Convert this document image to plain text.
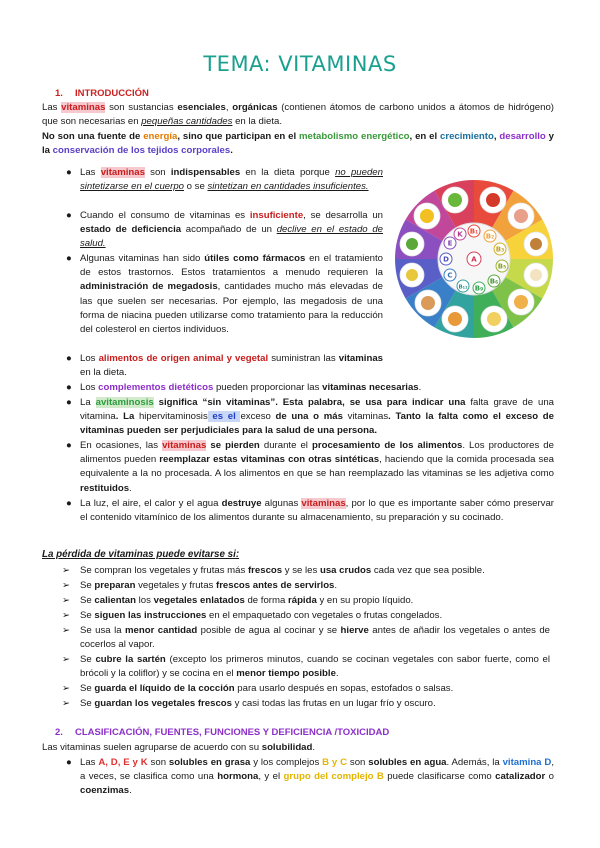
TEMA: VITAMINAS
1. INTRODUCCIÓN
Las vitaminas son sustancias esenciales, orgánicas (contienen átomos de carbono unidos a átomos de hidrógeno) que son necesarias en pequeñas cantidades en la dieta.
No son una fuente de energía, sino que participan en el metabolismo energético, en el crecimiento, desarrollo y la conservación de los tejidos corporales.
B₁
B₂
B₃
B₅
B₆
B₉
B₁₂
C
D
E
K
A
● Las vitaminas son indispensables en la dieta porque no pueden sintetizarse en el cuerpo o se sintetizan en cantidades insuficientes.
● Cuando el consumo de vitaminas es insuficiente, se desarrolla un estado de deficiencia acompañado de un declive en el estado de salud.
● Algunas vitaminas han sido útiles como fármacos en el tratamiento de estos trastornos. Estos tratamientos a menudo requieren la administración de megadosis, cantidades mucho más elevadas de las que suelen ser necesarias. Por ejemplo, las megadosis de una forma de niacina pueden utilizarse como tratamiento para la reducción del colesterol en ciertos individuos.
● Los alimentos de origen animal y vegetal suministran las vitaminas en la dieta.
● Los complementos dietéticos pueden proporcionar las vitaminas necesarias.
● La avitaminosis significa “sin vitaminas”. Esta palabra, se usa para indicar una falta grave de una vitamina. La hipervitaminosis es el exceso de una o más vitaminas. Tanto la falta como el exceso de vitaminas pueden ser perjudiciales para la salud de una persona.
● En ocasiones, las vitaminas se pierden durante el procesamiento de los alimentos. Los productores de alimentos pueden reemplazar estas vitaminas con otras sintéticas, haciendo que la comida procesada sea equivalente a la no procesada. A los alimentos en que se han reemplazado las vitaminas se les adjetiva como restituidos.
● La luz, el aire, el calor y el agua destruye algunas vitaminas, por lo que es importante saber cómo preservar el contenido vitamínico de los alimentos durante su almacenamiento, su preparación y su cocinado.
La pérdida de vitaminas puede evitarse si:
➢ Se compran los vegetales y frutas más frescos y se les usa crudos cada vez que sea posible.
➢ Se preparan vegetales y frutas frescos antes de servirlos.
➢ Se calientan los vegetales enlatados de forma rápida y en su propio líquido.
➢ Se siguen las instrucciones en el empaquetado con vegetales o frutas congelados.
➢ Se usa la menor cantidad posible de agua al cocinar y se hierve antes de añadir los vegetales o antes de cocerlos al vapor.
➢ Se cubre la sartén (excepto los primeros minutos, cuando se cocinan vegetales con sabor fuerte, como el brócoli y la coliflor) y se cocina en el menor tiempo posible.
➢ Se guarda el líquido de la cocción para usarlo después en sopas, estofados o salsas.
➢ Se guardan los vegetales frescos y casi todas las frutas en un lugar frío y oscuro.
2. CLASIFICACIÓN, FUENTES, FUNCIONES Y DEFICIENCIA /TOXICIDAD
Las vitaminas suelen agruparse de acuerdo con su solubilidad.
● Las A, D, E y K son solubles en grasa y los complejos B y C son solubles en agua. Además, la vitamina D, a veces, se clasifica como una hormona, y el grupo del complejo B puede clasificarse como catalizador o coenzimas.
